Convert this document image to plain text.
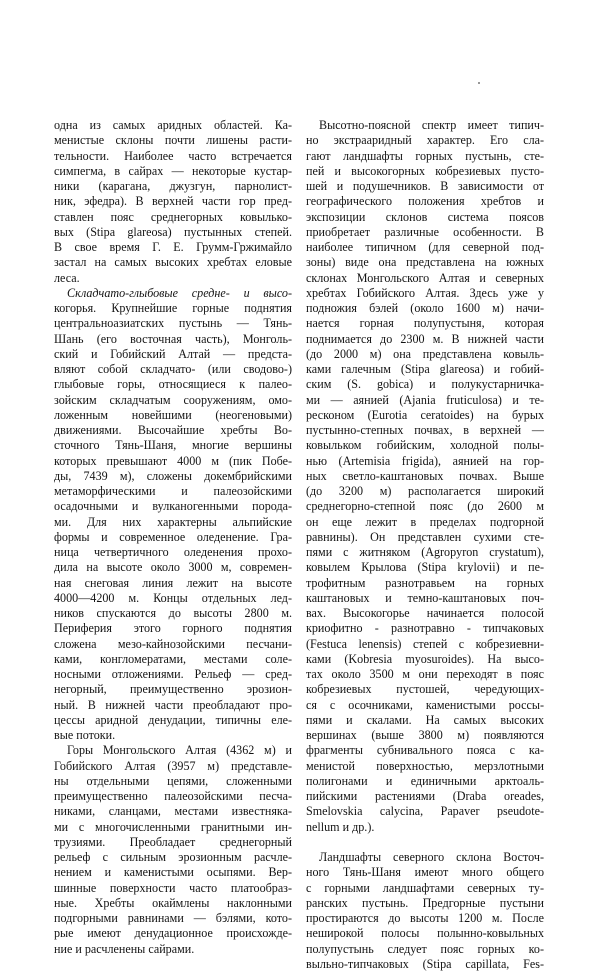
одна из самых аридных областей. Ка-
менистые склоны почти лишены расти-
тельности. Наиболее часто встречается
симпегма, в сайрах — некоторые кустар-
ники (карагана, джузгун, парнолист-
ник, эфедра). В верхней части гор пред-
ставлен пояс среднегорных ковылько-
вых (Stipa glareosa) пустынных степей.
В свое время Г. Е. Грумм-Гржимайло
застал на самых высоких хребтах еловые
леса.
Складчато-глыбовые средне- и высо-
когорья. Крупнейшие горные поднятия
центральноазиатских пустынь — Тянь-
Шань (его восточная часть), Монголь-
ский и Гобийский Алтай — предста-
вляют собой складчато- (или сводово-)
глыбовые горы, относящиеся к палео-
зойским складчатым сооружениям, омо-
ложенным новейшими (неогеновыми)
движениями. Высочайшие хребты Во-
сточного Тянь-Шаня, многие вершины
которых превышают 4000 м (пик Побе-
ды, 7439 м), сложены докембрийскими
метаморфическими и палеозойскими
осадочными и вулканогенными порода-
ми. Для них характерны альпийские
формы и современное оледенение. Гра-
ница четвертичного оледенения прохо-
дила на высоте около 3000 м, современ-
ная снеговая линия лежит на высоте
4000—4200 м. Концы отдельных лед-
ников спускаются до высоты 2800 м.
Периферия этого горного поднятия
сложена мезо-кайнозойскими песчани-
ками, конгломератами, местами соле-
носными отложениями. Рельеф — сред-
негорный, преимущественно эрозион-
ный. В нижней части преобладают про-
цессы аридной денудации, типичны еле-
вые потоки.
Горы Монгольского Алтая (4362 м) и
Гобийского Алтая (3957 м) представле-
ны отдельными цепями, сложенными
преимущественно палеозойскими песча-
никами, сланцами, местами известняка-
ми с многочисленными гранитными ин-
трузиями. Преобладает среднегорный
рельеф с сильным эрозионным расчле-
нением и каменистыми осыпями. Вер-
шинные поверхности часто платообраз-
ные. Хребты окаймлены наклонными
подгорными равнинами — бэлями, кото-
рые имеют денудационное происхожде-
ние и расчленены сайрами.
Высотно-поясной спектр имеет типич-
но экстрааридный характер. Его сла-
гают ландшафты горных пустынь, сте-
пей и высокогорных кобрезиевых пусто-
шей и подушечников. В зависимости от
географического положения хребтов и
экспозиции склонов система поясов
приобретает различные особенности. В
наиболее типичном (для северной под-
зоны) виде она представлена на южных
склонах Монгольского Алтая и северных
хребтах Гобийского Алтая. Здесь уже у
подножия бэлей (около 1600 м) начи-
нается горная полупустыня, которая
поднимается до 2300 м. В нижней части
(до 2000 м) она представлена ковыль-
ками галечным (Stipa glareosa) и гобий-
ским (S. gobica) и полукустарничка-
ми — аянией (Ajania fruticulosa) и те-
ресконом (Eurotia ceratoides) на бурых
пустынно-степных почвах, в верхней —
ковыльком гобийским, холодной полы-
нью (Artemisia frigida), аянией на гор-
ных светло-каштановых почвах. Выше
(до 3200 м) располагается широкий
среднегорно-степной пояс (до 2600 м
он еще лежит в пределах подгорной
равнины). Он представлен сухими сте-
пями с житняком (Agropyron crystatum),
ковылем Крылова (Stipa krylovii) и пе-
трофитным разнотравьем на горных
каштановых и темно-каштановых поч-
вах. Высокогорье начинается полосой
криофитно - разнотравно - типчаковых
(Festuca lenensis) степей с кобрезиевни-
ками (Kobresia myosuroides). На высо-
тах около 3500 м они переходят в пояс
кобрезиевых пустошей, чередующих-
ся с осочниками, каменистыми россы-
пями и скалами. На самых высоких
вершинах (выше 3800 м) появляются
фрагменты субнивального пояса с ка-
менистой поверхностью, мерзлотными
полигонами и единичными арктоаль-
пийскими растениями (Draba oreades,
Smelovskia calycina, Papaver pseudote-
nellum и др.).
Ландшафты северного склона Восточ-
ного Тянь-Шаня имеют много общего
с горными ландшафтами северных ту-
ранских пустынь. Предгорные пустыни
простираются до высоты 1200 м. После
неширокой полосы полынно-ковыльных
полупустынь следует пояс горных ко-
выльно-типчаковых (Stipa capillata, Fes-
